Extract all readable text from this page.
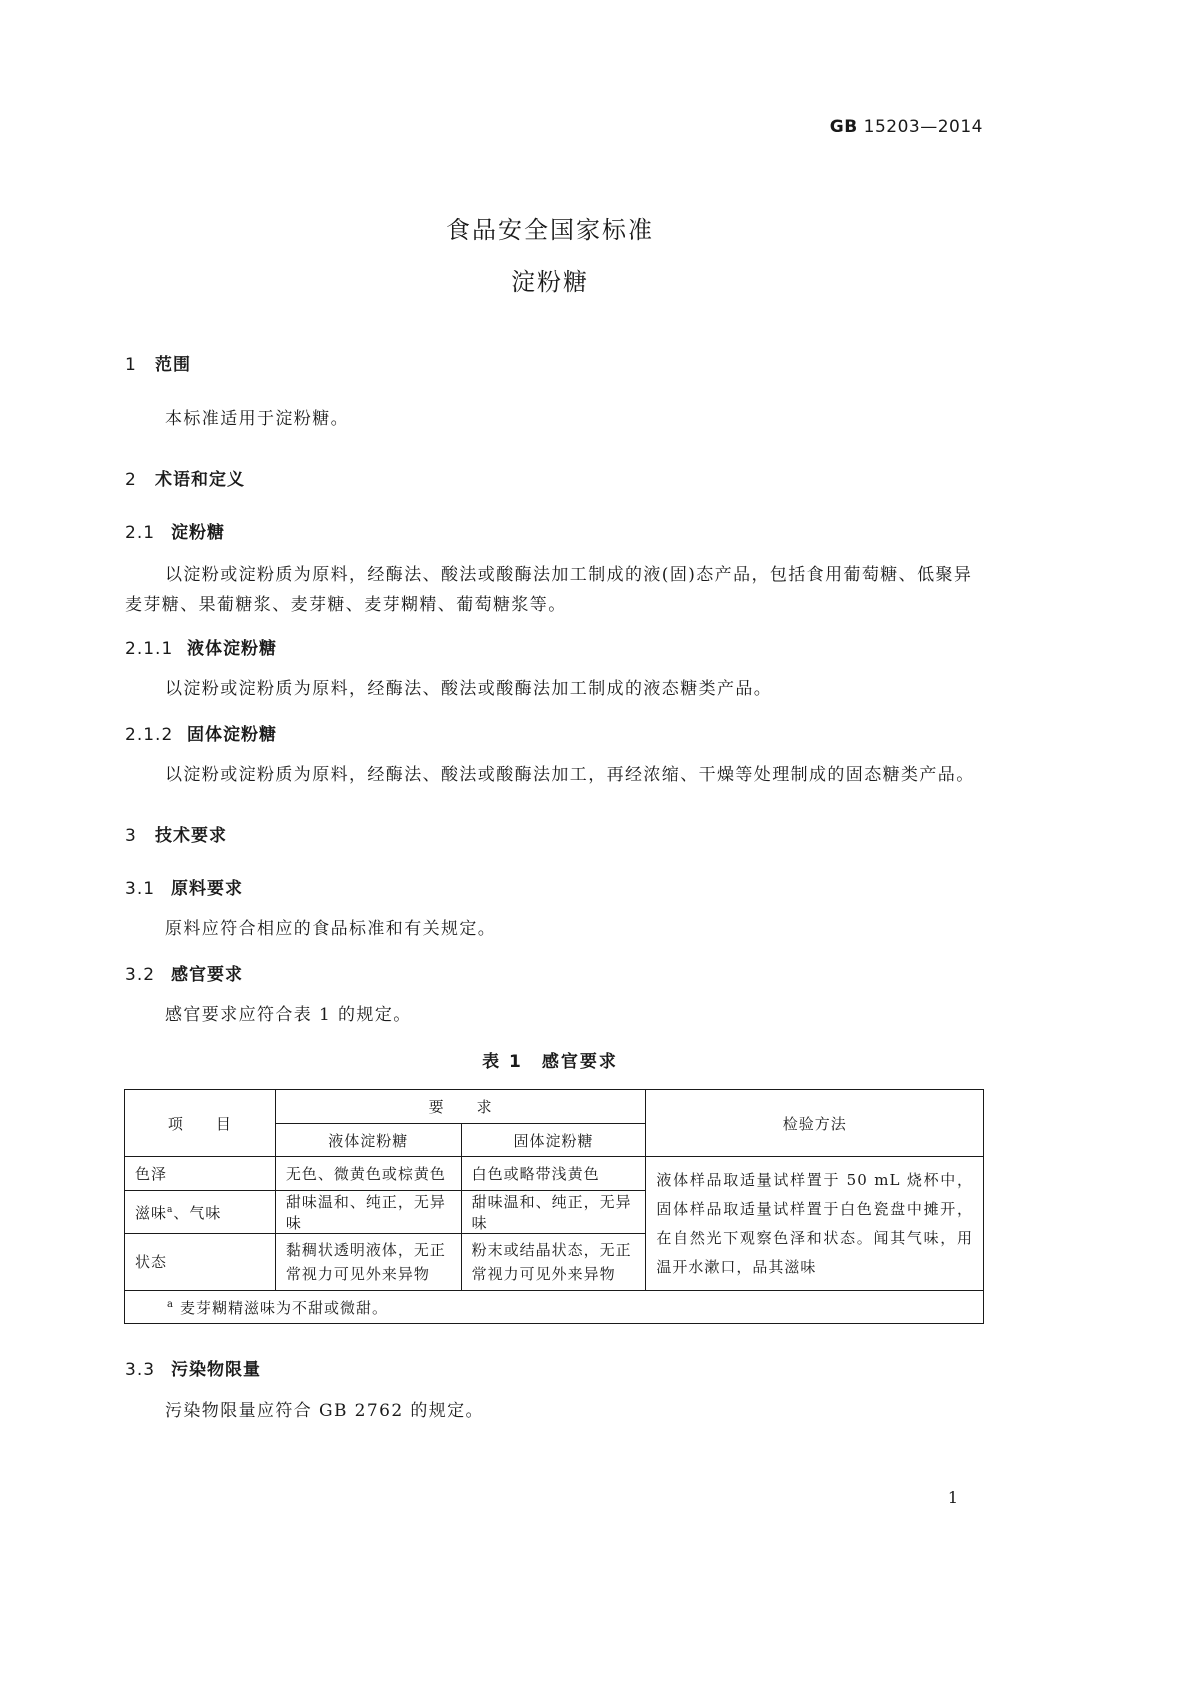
GB 15203—2014
食品安全国家标准
淀粉糖
1 范围
本标准适用于淀粉糖。
2 术语和定义
2.1 淀粉糖
以淀粉或淀粉质为原料，经酶法、酸法或酸酶法加工制成的液(固)态产品，包括食用葡萄糖、低聚异麦芽糖、果葡糖浆、麦芽糖、麦芽糊精、葡萄糖浆等。
2.1.1 液体淀粉糖
以淀粉或淀粉质为原料，经酶法、酸法或酸酶法加工制成的液态糖类产品。
2.1.2 固体淀粉糖
以淀粉或淀粉质为原料，经酶法、酸法或酸酶法加工，再经浓缩、干燥等处理制成的固态糖类产品。
3 技术要求
3.1 原料要求
原料应符合相应的食品标准和有关规定。
3.2 感官要求
感官要求应符合表 1 的规定。
表 1　感官要求
项　　目	要　　求		检验方法
	液体淀粉糖	固体淀粉糖	
色泽	无色、微黄色或棕黄色	白色或略带浅黄色	液体样品取适量试样置于 50 mL 烧杯中，固体样品取适量试样置于白色瓷盘中摊开，在自然光下观察色泽和状态。闻其气味，用温开水漱口，品其滋味
滋味$^a$、气味	甜味温和、纯正，无异味	甜味温和、纯正，无异味	
状态	黏稠状透明液体，无正常视力可见外来异物	粉末或结晶状态，无正常视力可见外来异物	
$^a$ 麦芽糊精滋味为不甜或微甜。			
3.3 污染物限量
污染物限量应符合 GB 2762 的规定。
1
